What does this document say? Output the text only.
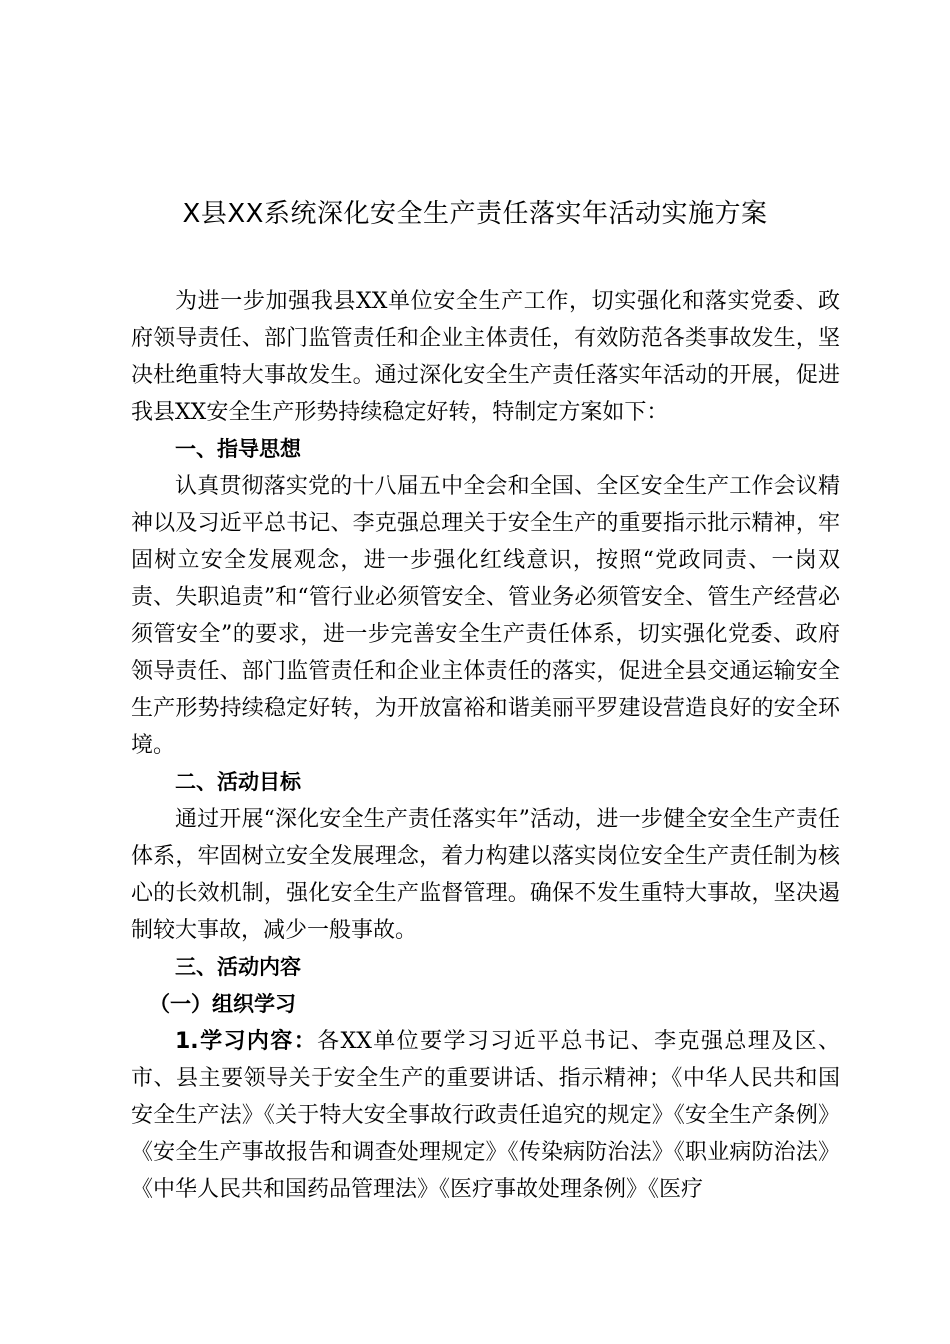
X县XX系统深化安全生产责任落实年活动实施方案

为进一步加强我县XX单位安全生产工作，切实强化和落实党委、政府领导责任、部门监管责任和企业主体责任，有效防范各类事故发生，坚决杜绝重特大事故发生。通过深化安全生产责任落实年活动的开展，促进我县XX安全生产形势持续稳定好转，特制定方案如下：

一、指导思想

认真贯彻落实党的十八届五中全会和全国、全区安全生产工作会议精神以及习近平总书记、李克强总理关于安全生产的重要指示批示精神，牢固树立安全发展观念，进一步强化红线意识，按照“党政同责、一岗双责、失职追责”和“管行业必须管安全、管业务必须管安全、管生产经营必须管安全”的要求，进一步完善安全生产责任体系，切实强化党委、政府领导责任、部门监管责任和企业主体责任的落实，促进全县交通运输安全生产形势持续稳定好转，为开放富裕和谐美丽平罗建设营造良好的安全环境。

二、活动目标

通过开展“深化安全生产责任落实年”活动，进一步健全安全生产责任体系，牢固树立安全发展理念，着力构建以落实岗位安全生产责任制为核心的长效机制，强化安全生产监督管理。确保不发生重特大事故，坚决遏制较大事故，减少一般事故。

三、活动内容

（一）组织学习

1.学习内容：各XX单位要学习习近平总书记、李克强总理及区、市、县主要领导关于安全生产的重要讲话、指示精神；《中华人民共和国安全生产法》《关于特大安全事故行政责任追究的规定》《安全生产条例》《安全生产事故报告和调查处理规定》《传染病防治法》《职业病防治法》《中华人民共和国药品管理法》《医疗事故处理条例》《医疗
